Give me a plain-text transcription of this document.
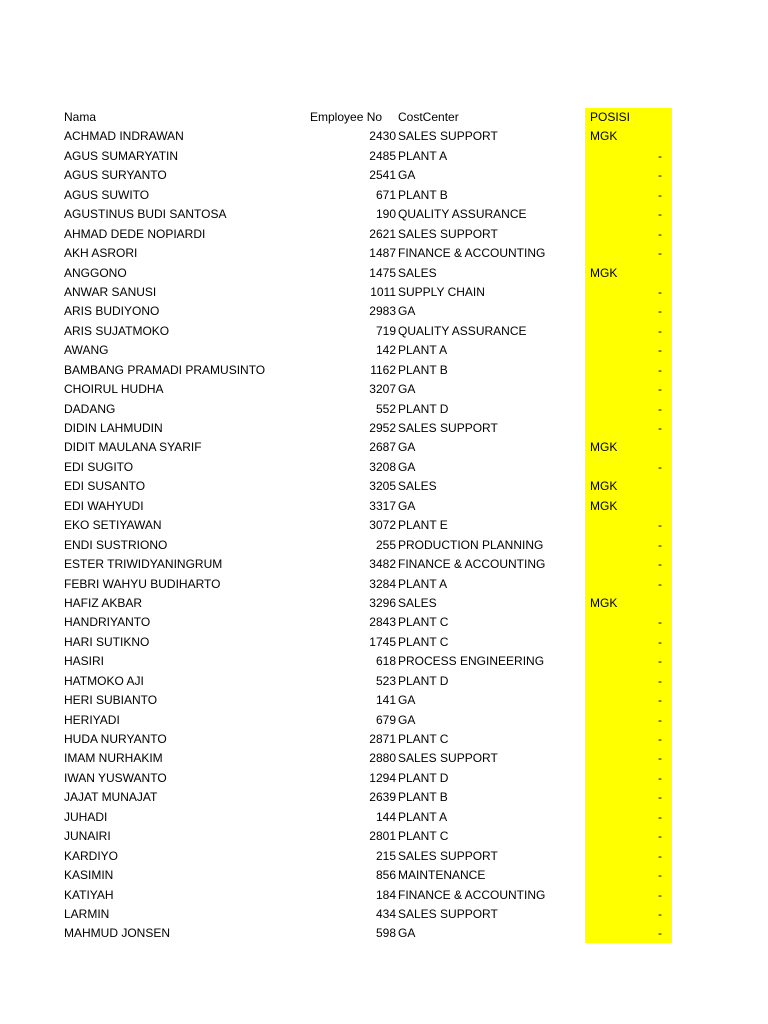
Nama	Employee No	CostCenter	POSISI
ACHMAD INDRAWAN	2430 SALES SUPPORT	MGK
AGUS SUMARYATIN	2485 PLANT A	-
AGUS SURYANTO	2541 GA	-
AGUS SUWITO	671 PLANT B	-
AGUSTINUS BUDI SANTOSA	190 QUALITY ASSURANCE	-
AHMAD DEDE NOPIARDI	2621 SALES SUPPORT	-
AKH ASRORI	1487 FINANCE & ACCOUNTING	-
ANGGONO	1475 SALES	MGK
ANWAR SANUSI	1011 SUPPLY CHAIN	-
ARIS BUDIYONO	2983 GA	-
ARIS SUJATMOKO	719 QUALITY ASSURANCE	-
AWANG	142 PLANT A	-
BAMBANG PRAMADI PRAMUSINTO	1162 PLANT B	-
CHOIRUL HUDHA	3207 GA	-
DADANG	552 PLANT D	-
DIDIN LAHMUDIN	2952 SALES SUPPORT	-
DIDIT MAULANA SYARIF	2687 GA	MGK
EDI SUGITO	3208 GA	-
EDI SUSANTO	3205 SALES	MGK
EDI WAHYUDI	3317 GA	MGK
EKO SETIYAWAN	3072 PLANT E	-
ENDI SUSTRIONO	255 PRODUCTION PLANNING	-
ESTER TRIWIDYANINGRUM	3482 FINANCE & ACCOUNTING	-
FEBRI WAHYU BUDIHARTO	3284 PLANT A	-
HAFIZ AKBAR	3296 SALES	MGK
HANDRIYANTO	2843 PLANT C	-
HARI SUTIKNO	1745 PLANT C	-
HASIRI	618 PROCESS ENGINEERING	-
HATMOKO AJI	523 PLANT D	-
HERI SUBIANTO	141 GA	-
HERIYADI	679 GA	-
HUDA NURYANTO	2871 PLANT C	-
IMAM NURHAKIM	2880 SALES SUPPORT	-
IWAN YUSWANTO	1294 PLANT D	-
JAJAT MUNAJAT	2639 PLANT B	-
JUHADI	144 PLANT A	-
JUNAIRI	2801 PLANT C	-
KARDIYO	215 SALES SUPPORT	-
KASIMIN	856 MAINTENANCE	-
KATIYAH	184 FINANCE & ACCOUNTING	-
LARMIN	434 SALES SUPPORT	-
MAHMUD JONSEN	598 GA	-
